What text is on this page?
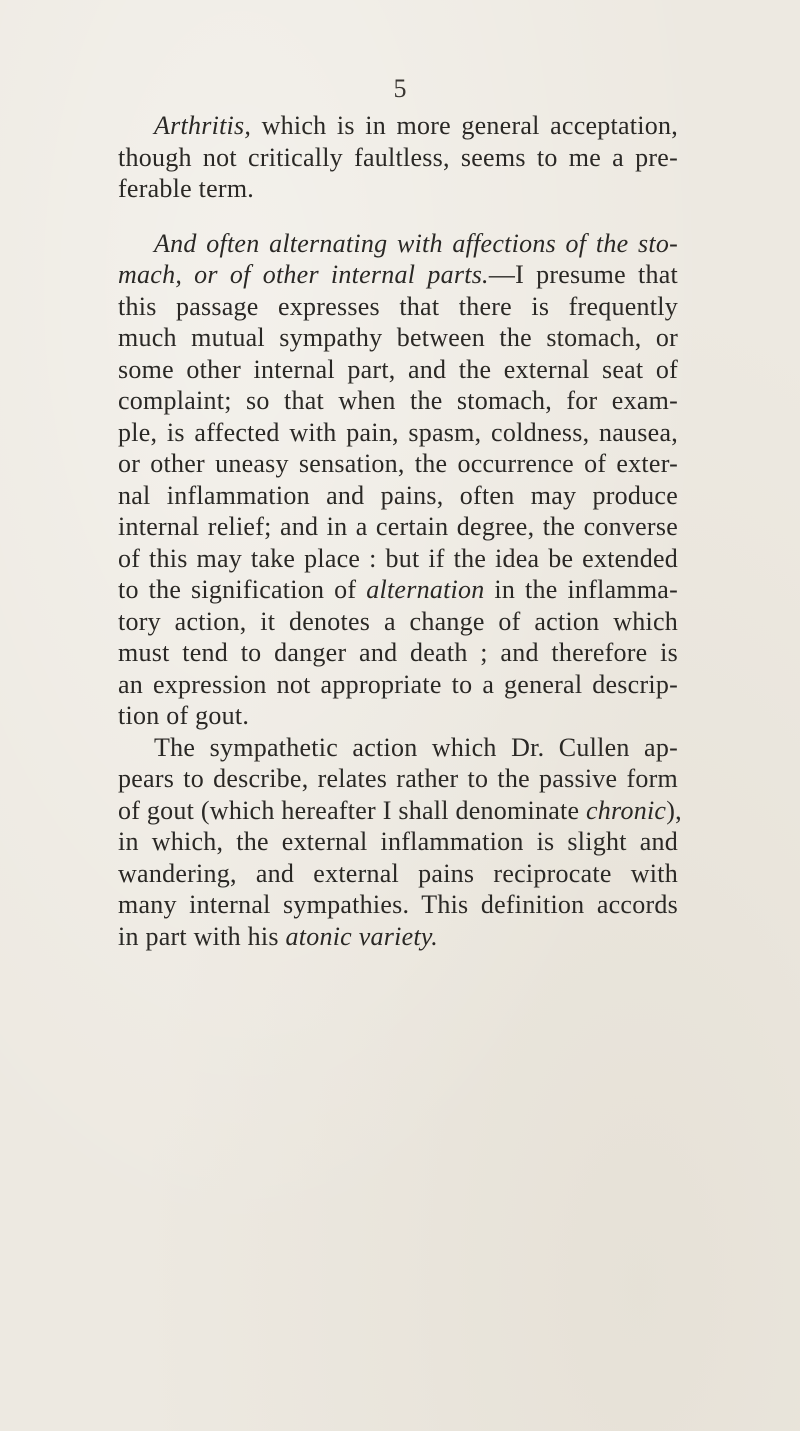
5

Arthritis, which is in more general acceptation,
though not critically faultless, seems to me a pre-
ferable term.

And often alternating with affections of the sto-
mach, or of other internal parts.—I presume that
this passage expresses that there is frequently
much mutual sympathy between the stomach, or
some other internal part, and the external seat of
complaint; so that when the stomach, for exam-
ple, is affected with pain, spasm, coldness, nausea,
or other uneasy sensation, the occurrence of exter-
nal inflammation and pains, often may produce
internal relief; and in a certain degree, the converse
of this may take place : but if the idea be extended
to the signification of alternation in the inflamma-
tory action, it denotes a change of action which
must tend to danger and death ; and therefore is
an expression not appropriate to a general descrip-
tion of gout.

The sympathetic action which Dr. Cullen ap-
pears to describe, relates rather to the passive form
of gout (which hereafter I shall denominate chronic),
in which, the external inflammation is slight and
wandering, and external pains reciprocate with
many internal sympathies. This definition accords
in part with his atonic variety.
